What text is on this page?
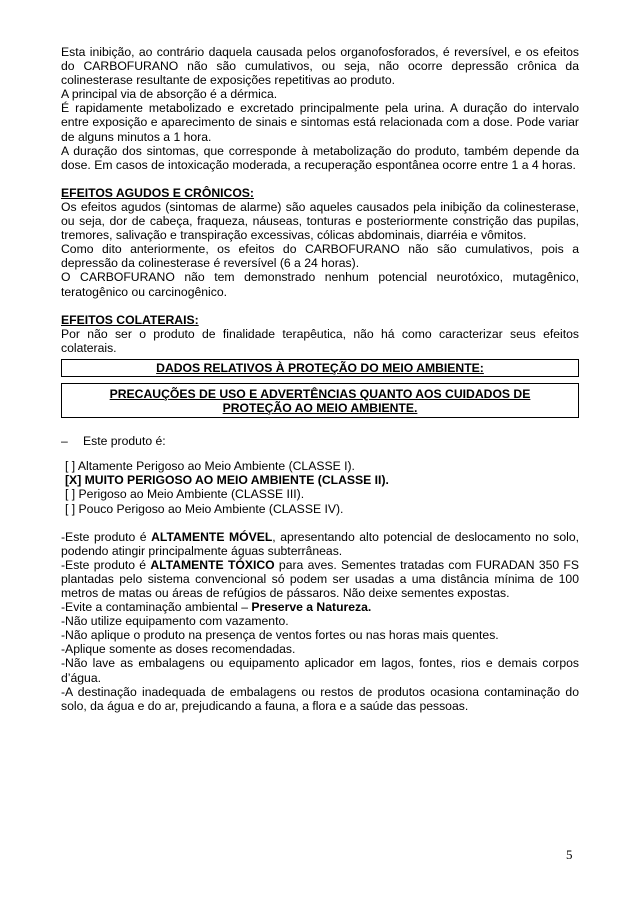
Esta inibição, ao contrário daquela causada pelos organofosforados, é reversível, e os efeitos do CARBOFURANO não são cumulativos, ou seja, não ocorre depressão crônica da colinesterase resultante de exposições repetitivas ao produto.

A principal via de absorção é a dérmica.

É rapidamente metabolizado e excretado principalmente pela urina. A duração do intervalo entre exposição e aparecimento de sinais e sintomas está relacionada com a dose. Pode variar de alguns minutos a 1 hora.

A duração dos sintomas, que corresponde à metabolização do produto, também depende da dose. Em casos de intoxicação moderada, a recuperação espontânea ocorre entre 1 a 4 horas.

EFEITOS AGUDOS E CRÔNICOS:

Os efeitos agudos (sintomas de alarme) são aqueles causados pela inibição da colinesterase, ou seja, dor de cabeça, fraqueza, náuseas, tonturas e posteriormente constrição das pupilas, tremores, salivação e transpiração excessivas, cólicas abdominais, diarréia e vômitos.

Como dito anteriormente, os efeitos do CARBOFURANO não são cumulativos, pois a depressão da colinesterase é reversível (6 a 24 horas).

O CARBOFURANO não tem demonstrado nenhum potencial neurotóxico, mutagênico, teratogênico ou carcinogênico.

EFEITOS COLATERAIS:

Por não ser o produto de finalidade terapêutica, não há como caracterizar seus efeitos colaterais.

DADOS RELATIVOS À PROTEÇÃO DO MEIO AMBIENTE:
PRECAUÇÕES DE USO E ADVERTÊNCIAS QUANTO AOS CUIDADOS DE
PROTEÇÃO AO MEIO AMBIENTE.
–	Este produto é:
[ ] Altamente Perigoso ao Meio Ambiente (CLASSE I).
[X] MUITO PERIGOSO AO MEIO AMBIENTE (CLASSE II).
[ ] Perigoso ao Meio Ambiente (CLASSE III).
[ ] Pouco Perigoso ao Meio Ambiente (CLASSE IV).

-Este produto é ALTAMENTE MÓVEL, apresentando alto potencial de deslocamento no solo, podendo atingir principalmente águas subterrâneas.

-Este produto é ALTAMENTE TÓXICO para aves. Sementes tratadas com FURADAN 350 FS plantadas pelo sistema convencional só podem ser usadas a uma distância mínima de 100 metros de matas ou áreas de refúgios de pássaros. Não deixe sementes expostas.

-Evite a contaminação ambiental – Preserve a Natureza.

-Não utilize equipamento com vazamento.

-Não aplique o produto na presença de ventos fortes ou nas horas mais quentes.

-Aplique somente as doses recomendadas.

-Não lave as embalagens ou equipamento aplicador em lagos, fontes, rios e demais corpos d’água.

-A destinação inadequada de embalagens ou restos de produtos ocasiona contaminação do solo, da água e do ar, prejudicando a fauna, a flora e a saúde das pessoas.

5
